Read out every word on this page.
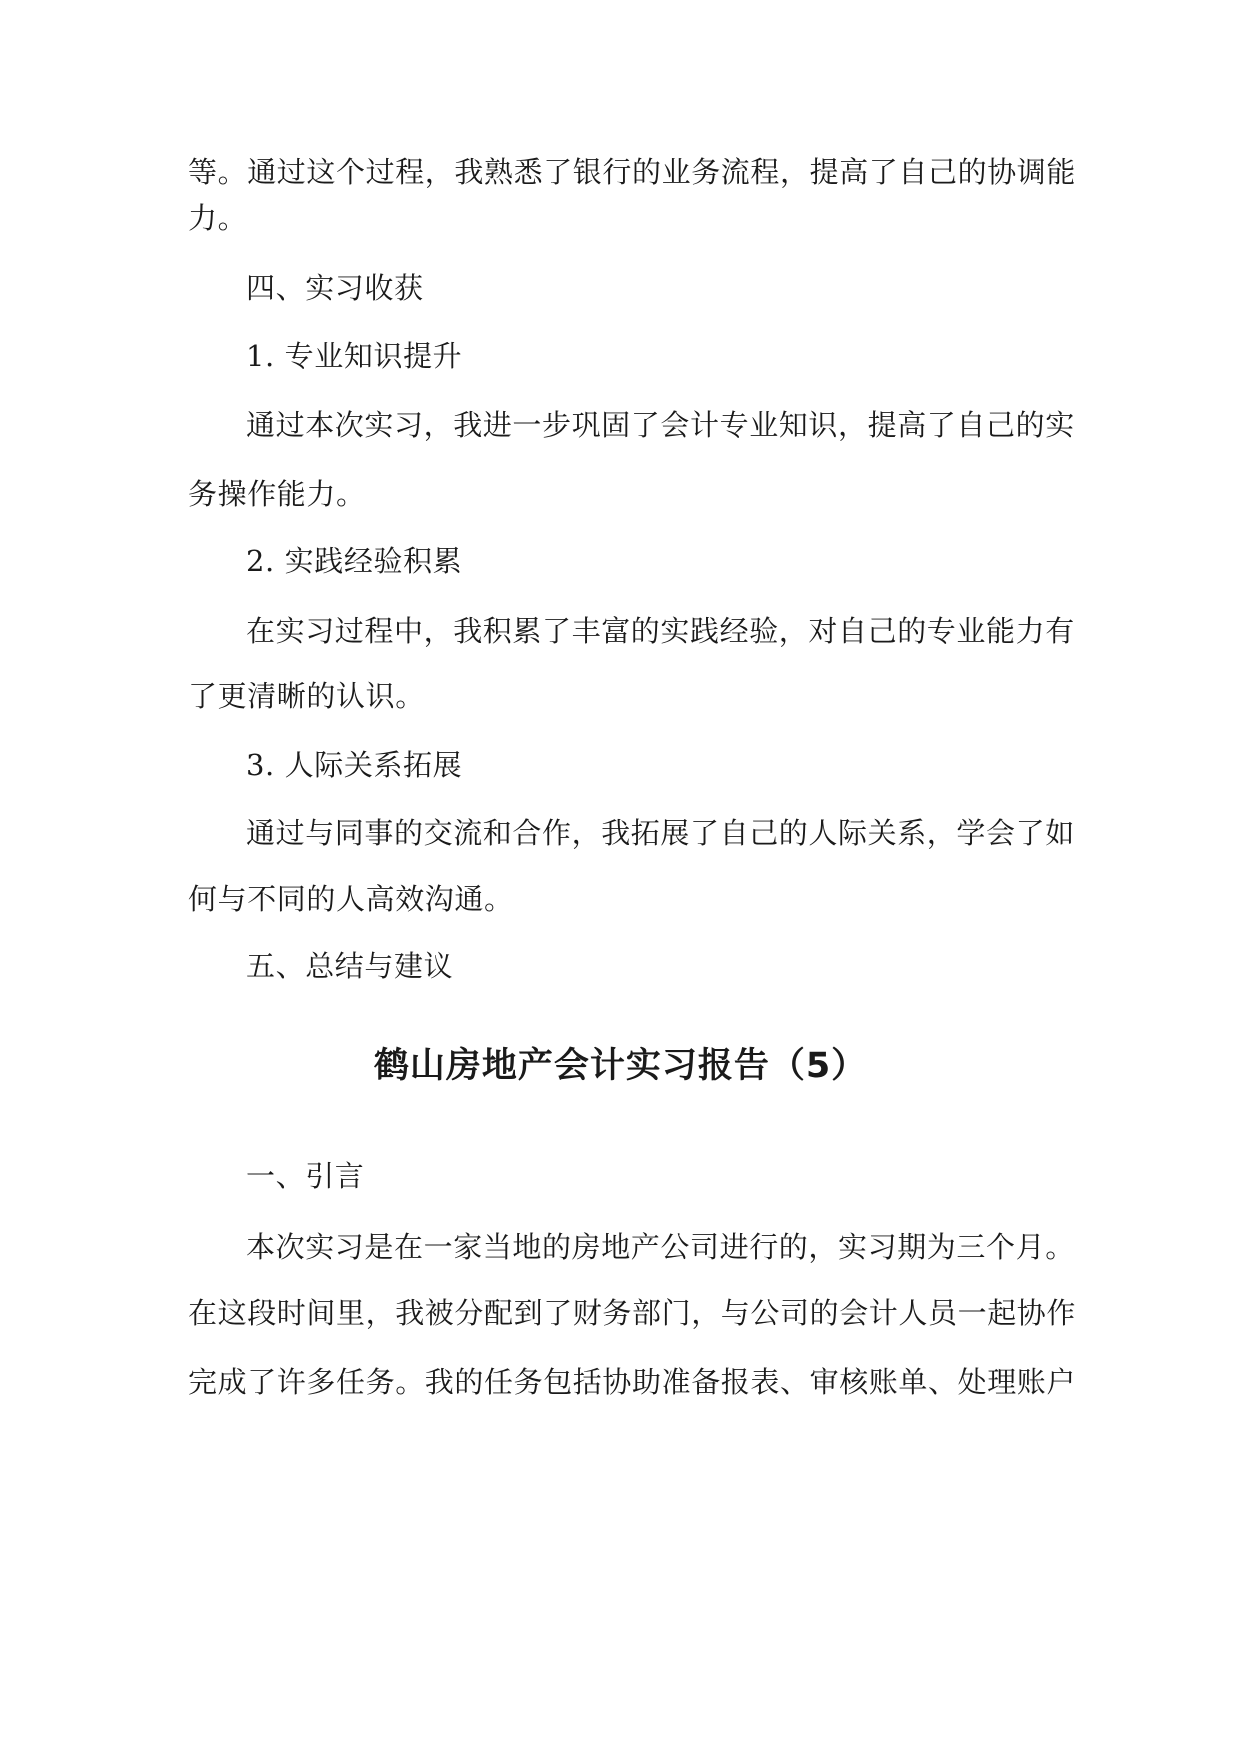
等。通过这个过程，我熟悉了银行的业务流程，提高了自己的协调能
力。
四、实习收获
1. 专业知识提升
通过本次实习，我进一步巩固了会计专业知识，提高了自己的实
务操作能力。
2. 实践经验积累
在实习过程中，我积累了丰富的实践经验，对自己的专业能力有
了更清晰的认识。
3. 人际关系拓展
通过与同事的交流和合作，我拓展了自己的人际关系，学会了如
何与不同的人高效沟通。
五、总结与建议
鹤山房地产会计实习报告（5）
一、引言
本次实习是在一家当地的房地产公司进行的，实习期为三个月。
在这段时间里，我被分配到了财务部门，与公司的会计人员一起协作
完成了许多任务。我的任务包括协助准备报表、审核账单、处理账户
